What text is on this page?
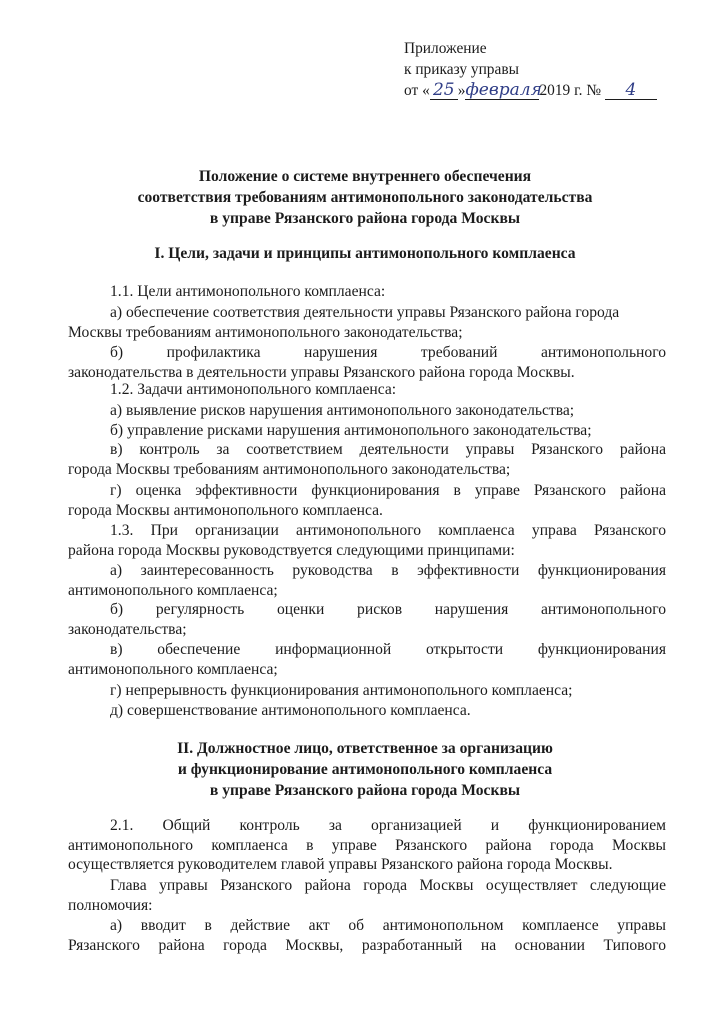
Приложение
к приказу управы
от « 25 »февраля2019 г. № 4
Положение о системе внутреннего обеспечения
соответствия требованиям антимонопольного законодательства
в управе Рязанского района города Москвы
I. Цели, задачи и принципы антимонопольного комплаенса
1.1. Цели антимонопольного комплаенса:
а) обеспечение соответствия деятельности управы Рязанского района города
Москвы требованиям антимонопольного законодательства;
б) профилактика нарушения требований антимонопольного
законодательства в деятельности управы Рязанского района города Москвы.
1.2. Задачи антимонопольного комплаенса:
а) выявление рисков нарушения антимонопольного законодательства;
б) управление рисками нарушения антимонопольного законодательства;
в) контроль за соответствием деятельности управы Рязанского района
города Москвы требованиям антимонопольного законодательства;
г) оценка эффективности функционирования в управе Рязанского района
города Москвы антимонопольного комплаенса.
1.3. При организации антимонопольного комплаенса управа Рязанского
района города Москвы руководствуется следующими принципами:
а) заинтересованность руководства в эффективности функционирования
антимонопольного комплаенса;
б) регулярность оценки рисков нарушения антимонопольного
законодательства;
в) обеспечение информационной открытости функционирования
антимонопольного комплаенса;
г) непрерывность функционирования антимонопольного комплаенса;
д) совершенствование антимонопольного комплаенса.
II. Должностное лицо, ответственное за организацию
и функционирование антимонопольного комплаенса
в управе Рязанского района города Москвы
2.1. Общий контроль за организацией и функционированием
антимонопольного комплаенса в управе Рязанского района города Москвы
осуществляется руководителем главой управы Рязанского района города Москвы.
Глава управы Рязанского района города Москвы осуществляет следующие
полномочия:
а) вводит в действие акт об антимонопольном комплаенсе управы
Рязанского района города Москвы, разработанный на основании Типового
